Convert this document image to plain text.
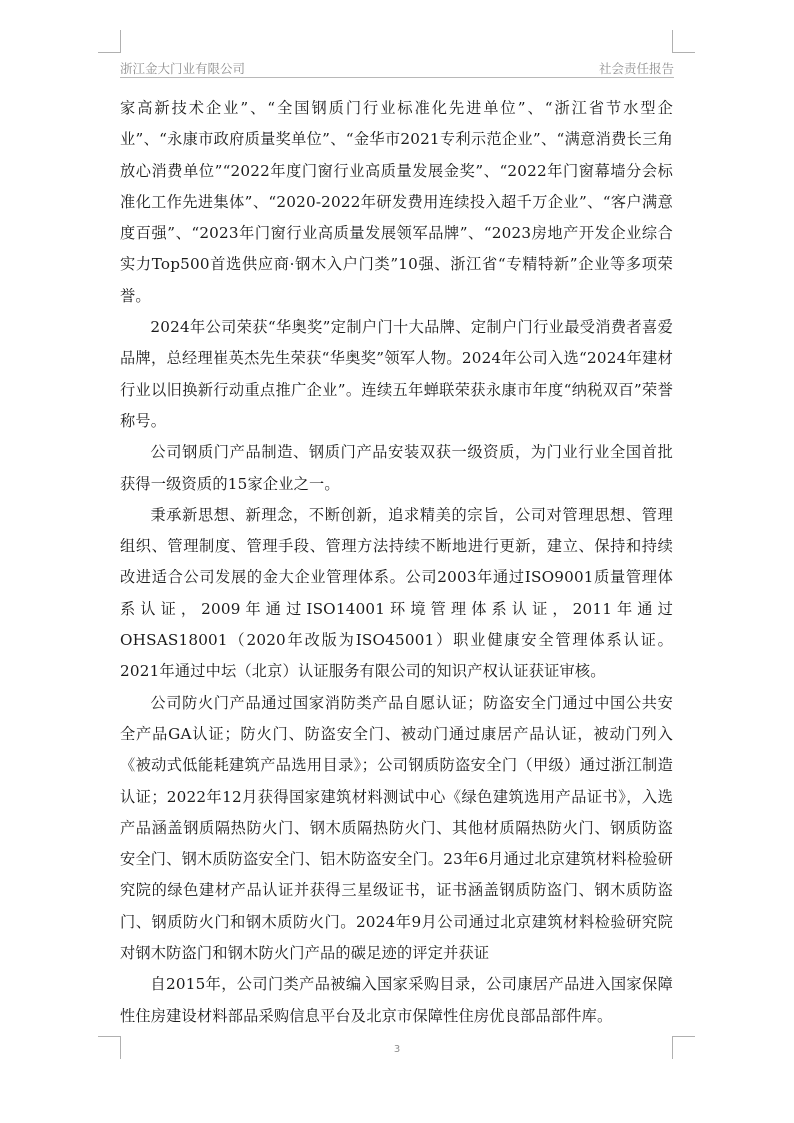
浙江金大门业有限公司	社会责任报告

家高新技术企业”、“全国钢质门行业标准化先进单位”、“浙江省节水型企业”、“永康市政府质量奖单位”、“金华市2021专利示范企业”、“满意消费长三角放心消费单位”“2022年度门窗行业高质量发展金奖”、“2022年门窗幕墙分会标准化工作先进集体”、“2020-2022年研发费用连续投入超千万企业”、“客户满意度百强”、“2023年门窗行业高质量发展领军品牌”、“2023房地产开发企业综合实力Top500首选供应商·钢木入户门类”10强、浙江省“专精特新”企业等多项荣誉。

2024年公司荣获“华奥奖”定制户门十大品牌、定制户门行业最受消费者喜爱品牌，总经理崔英杰先生荣获“华奥奖”领军人物。2024年公司入选“2024年建材行业以旧换新行动重点推广企业”。连续五年蝉联荣获永康市年度“纳税双百”荣誉称号。

公司钢质门产品制造、钢质门产品安装双获一级资质，为门业行业全国首批获得一级资质的15家企业之一。

秉承新思想、新理念，不断创新，追求精美的宗旨，公司对管理思想、管理组织、管理制度、管理手段、管理方法持续不断地进行更新，建立、保持和持续改进适合公司发展的金大企业管理体系。公司2003年通过ISO9001质量管理体系认证，2009年通过ISO14001环境管理体系认证，2011年通过OHSAS18001（2020年改版为ISO45001）职业健康安全管理体系认证。2021年通过中坛（北京）认证服务有限公司的知识产权认证获证审核。

公司防火门产品通过国家消防类产品自愿认证；防盗安全门通过中国公共安全产品GA认证；防火门、防盗安全门、被动门通过康居产品认证，被动门列入《被动式低能耗建筑产品选用目录》；公司钢质防盗安全门（甲级）通过浙江制造认证；2022年12月获得国家建筑材料测试中心《绿色建筑选用产品证书》，入选产品涵盖钢质隔热防火门、钢木质隔热防火门、其他材质隔热防火门、钢质防盗安全门、钢木质防盗安全门、铝木防盗安全门。23年6月通过北京建筑材料检验研究院的绿色建材产品认证并获得三星级证书，证书涵盖钢质防盗门、钢木质防盗门、钢质防火门和钢木质防火门。2024年9月公司通过北京建筑材料检验研究院对钢木防盗门和钢木防火门产品的碳足迹的评定并获证

自2015年，公司门类产品被编入国家采购目录，公司康居产品进入国家保障性住房建设材料部品采购信息平台及北京市保障性住房优良部品部件库。

3
